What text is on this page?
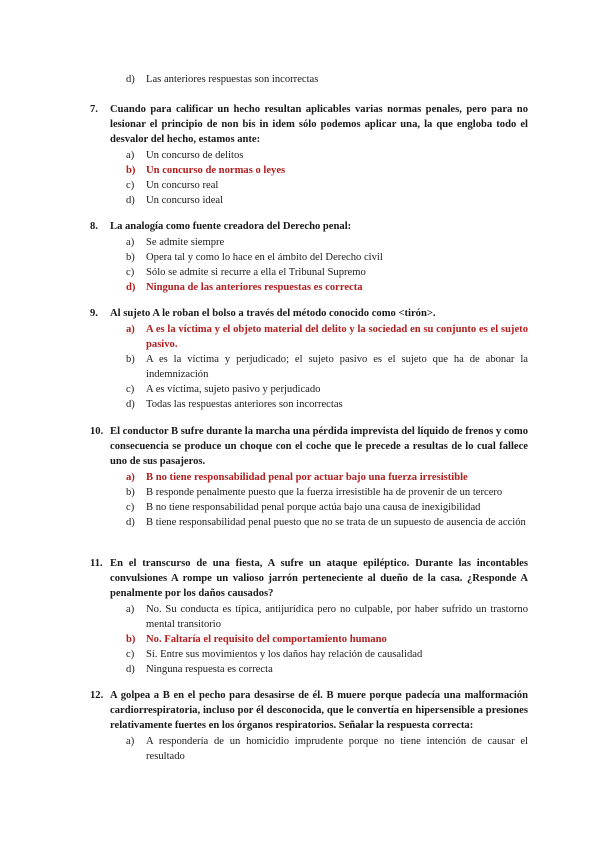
d) Las anteriores respuestas son incorrectas
7. Cuando para calificar un hecho resultan aplicables varias normas penales, pero para no lesionar el principio de non bis in idem sólo podemos aplicar una, la que engloba todo el desvalor del hecho, estamos ante:
a) Un concurso de delitos
b) Un concurso de normas o leyes
c) Un concurso real
d) Un concurso ideal
8. La analogía como fuente creadora del Derecho penal:
a) Se admite siempre
b) Opera tal y como lo hace en el ámbito del Derecho civil
c) Sólo se admite si recurre a ella el Tribunal Supremo
d) Ninguna de las anteriores respuestas es correcta
9. Al sujeto A le roban el bolso a través del método conocido como <tirón>.
a) A es la víctima y el objeto material del delito y la sociedad en su conjunto es el sujeto pasivo.
b) A es la víctima y perjudicado; el sujeto pasivo es el sujeto que ha de abonar la indemnización
c) A es víctima, sujeto pasivo y perjudicado
d) Todas las respuestas anteriores son incorrectas
10. El conductor B sufre durante la marcha una pérdida imprevista del líquido de frenos y como consecuencia se produce un choque con el coche que le precede a resultas de lo cual fallece uno de sus pasajeros.
a) B no tiene responsabilidad penal por actuar bajo una fuerza irresistible
b) B responde penalmente puesto que la fuerza irresistible ha de provenir de un tercero
c) B no tiene responsabilidad penal porque actúa bajo una causa de inexigibilidad
d) B tiene responsabilidad penal puesto que no se trata de un supuesto de ausencia de acción
11. En el transcurso de una fiesta, A sufre un ataque epiléptico. Durante las incontables convulsiones A rompe un valioso jarrón perteneciente al dueño de la casa. ¿Responde A penalmente por los daños causados?
a) No. Su conducta es típica, antijurídica pero no culpable, por haber sufrido un trastorno mental transitorio
b) No. Faltaría el requisito del comportamiento humano
c) Sí. Entre sus movimientos y los daños hay relación de causalidad
d) Ninguna respuesta es correcta
12. A golpea a B en el pecho para desasirse de él. B muere porque padecía una malformación cardiorrespiratoria, incluso por él desconocida, que le convertía en hipersensible a presiones relativamente fuertes en los órganos respiratorios. Señalar la respuesta correcta:
a) A respondería de un homicidio imprudente porque no tiene intención de causar el resultado
